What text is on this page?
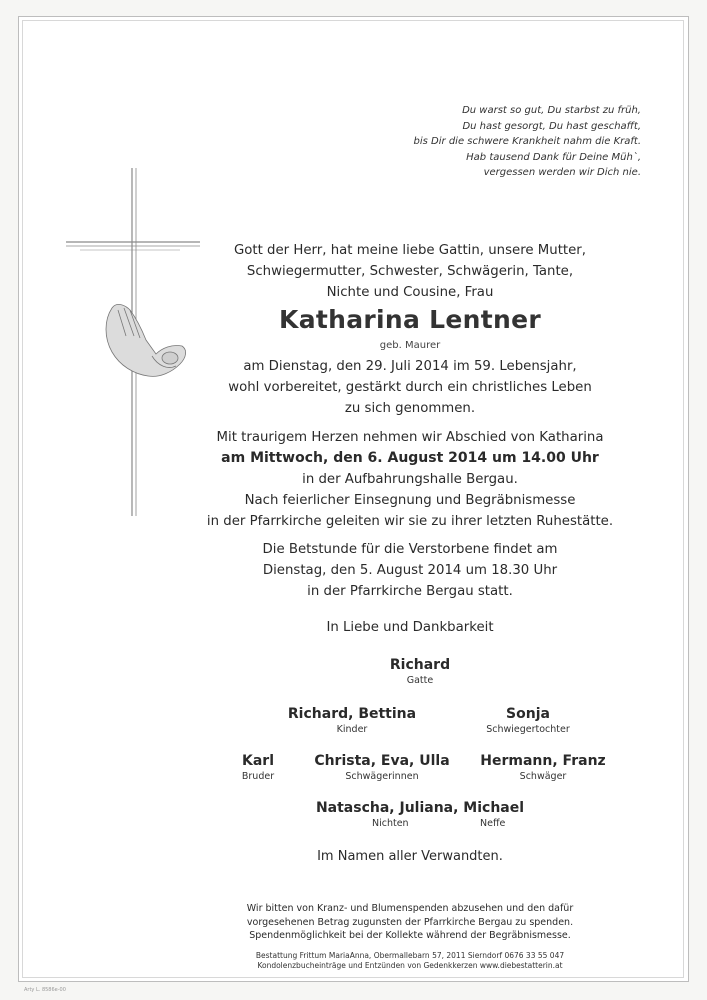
Du warst so gut, Du starbst zu früh,
Du hast gesorgt, Du hast geschafft,
bis Dir die schwere Krankheit nahm die Kraft.
Hab tausend Dank für Deine Müh`,
vergessen werden wir Dich nie.
Gott der Herr, hat meine liebe Gattin, unsere Mutter,
Schwiegermutter, Schwester, Schwägerin, Tante,
Nichte und Cousine, Frau
Katharina Lentner
geb. Maurer
am Dienstag, den 29. Juli 2014 im 59. Lebensjahr,
wohl vorbereitet, gestärkt durch ein christliches Leben
zu sich genommen.
Mit traurigem Herzen nehmen wir Abschied von Katharina
am Mittwoch, den 6. August 2014 um 14.00 Uhr
in der Aufbahrungshalle Bergau.
Nach feierlicher Einsegnung und Begräbnismesse
in der Pfarrkirche geleiten wir sie zu ihrer letzten Ruhestätte.
Die Betstunde für die Verstorbene findet am
Dienstag, den 5. August 2014 um 18.30 Uhr
in der Pfarrkirche Bergau statt.
In Liebe und Dankbarkeit
Richard
Gatte
Richard, Bettina
Kinder
Sonja
Schwiegertochter
Karl
Bruder
Christa, Eva, Ulla
Schwägerinnen
Hermann, Franz
Schwäger
Natascha, Juliana, Michael
Nichten	Neffe
Im Namen aller Verwandten.
Wir bitten von Kranz- und Blumenspenden abzusehen und den dafür
vorgesehenen Betrag zugunsten der Pfarrkirche Bergau zu spenden.
Spendenmöglichkeit bei der Kollekte während der Begräbnismesse.
Bestattung Frittum MariaAnna, Obermallebarn 57, 2011 Sierndorf 0676 33 55 047
Kondolenzbucheinträge und Entzünden von Gedenkkerzen www.diebestatterin.at
Arty L. 8586e-00
